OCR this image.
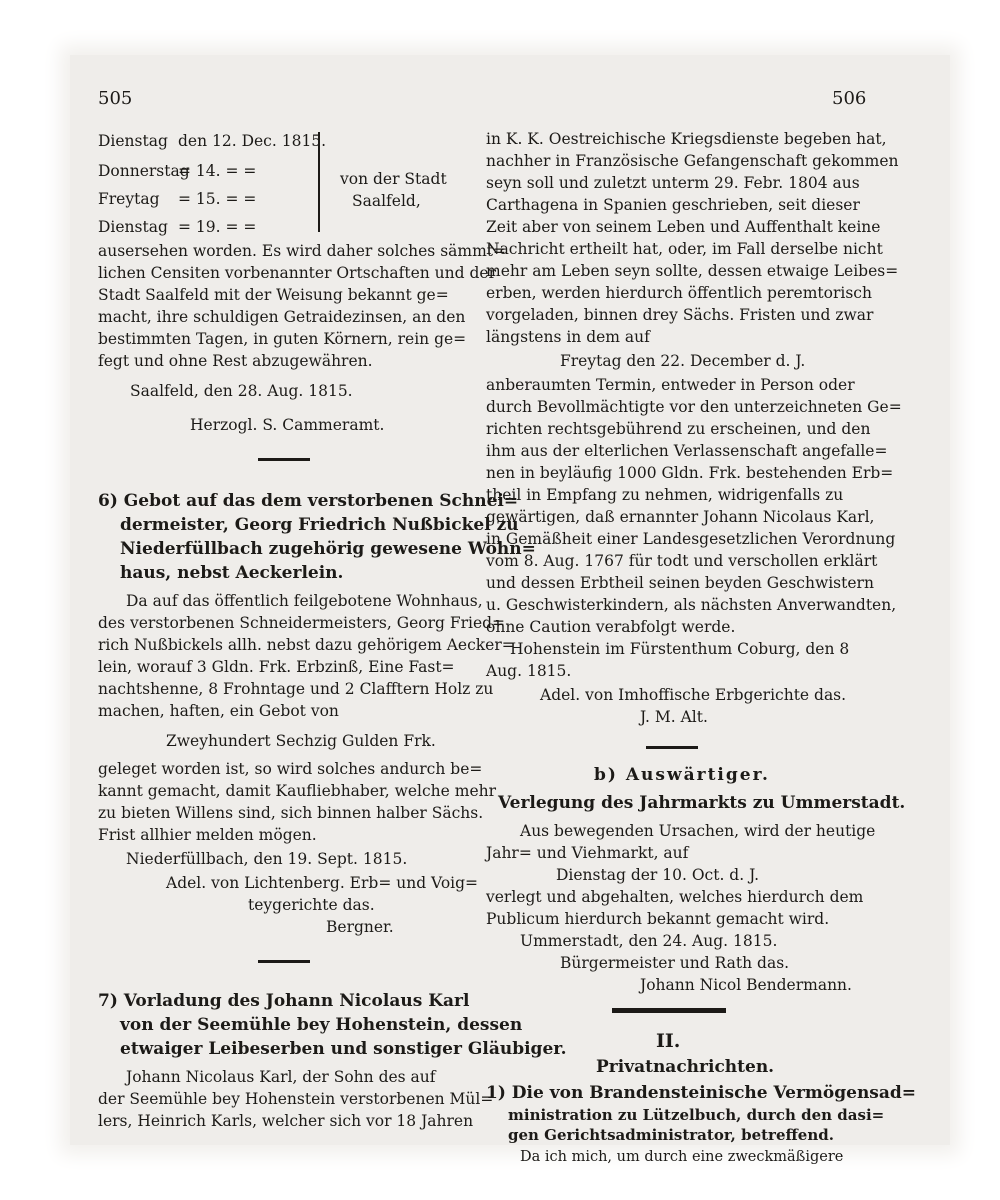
505	506
Dienstag den 12. Dec. 1815.
Donnerstag
= 14. = =
Freytag = 15. = =
Dienstag = 19. = =
von der Stadt
Saalfeld,
ausersehen worden. Es wird daher solches sämmt=
lichen Censiten vorbenannter Ortschaften und der
Stadt Saalfeld mit der Weisung bekannt ge=
macht, ihre schuldigen Getraidezinsen, an den
bestimmten Tagen, in guten Körnern, rein ge=
fegt und ohne Rest abzugewähren.
Saalfeld, den 28. Aug. 1815.
Herzogl. S. Cammeramt.
6) Gebot auf das dem verstorbenen Schnei=
dermeister, Georg Friedrich Nußbickel zu
Niederfüllbach zugehörig gewesene Wohn=
haus, nebst Aeckerlein.
Da auf das öffentlich feilgebotene Wohnhaus,
des verstorbenen Schneidermeisters, Georg Fried=
rich Nußbickels allh. nebst dazu gehörigem Aecker=
lein, worauf 3 Gldn. Frk. Erbzinß, Eine Fast=
nachtshenne, 8 Frohntage und 2 Clafftern Holz zu
machen, haften, ein Gebot von
Zweyhundert Sechzig Gulden Frk.
geleget worden ist, so wird solches andurch be=
kannt gemacht, damit Kaufliebhaber, welche mehr
zu bieten Willens sind, sich binnen halber Sächs.
Frist allhier melden mögen.
Niederfüllbach, den 19. Sept. 1815.
Adel. von Lichtenberg. Erb= und Voig=
teygerichte das.
Bergner.
7) Vorladung des Johann Nicolaus Karl
von der Seemühle bey Hohenstein, dessen
etwaiger Leibeserben und sonstiger Gläubiger.
Johann Nicolaus Karl, der Sohn des auf
der Seemühle bey Hohenstein verstorbenen Mül=
lers, Heinrich Karls, welcher sich vor 18 Jahren
in K. K. Oestreichische Kriegsdienste begeben hat,
nachher in Französische Gefangenschaft gekommen
seyn soll und zuletzt unterm 29. Febr. 1804 aus
Carthagena in Spanien geschrieben, seit dieser
Zeit aber von seinem Leben und Auffenthalt keine
Nachricht ertheilt hat, oder, im Fall derselbe nicht
mehr am Leben seyn sollte, dessen etwaige Leibes=
erben, werden hierdurch öffentlich peremtorisch
vorgeladen, binnen drey Sächs. Fristen und zwar
längstens in dem auf
Freytag den 22. December d. J.
anberaumten Termin, entweder in Person oder
durch Bevollmächtigte vor den unterzeichneten Ge=
richten rechtsgebührend zu erscheinen, und den
ihm aus der elterlichen Verlassenschaft angefalle=
nen in beyläufig 1000 Gldn. Frk. bestehenden Erb=
theil in Empfang zu nehmen, widrigenfalls zu
gewärtigen, daß ernannter Johann Nicolaus Karl,
in Gemäßheit einer Landesgesetzlichen Verordnung
vom 8. Aug. 1767 für todt und verschollen erklärt
und dessen Erbtheil seinen beyden Geschwistern
u. Geschwisterkindern, als nächsten Anverwandten,
ohne Caution verabfolgt werde.
Hohenstein im Fürstenthum Coburg, den 8
Aug. 1815.
Adel. von Imhoffische Erbgerichte das.
J. M. Alt.
b) Auswärtiger.
Verlegung des Jahrmarkts zu Ummerstadt.
Aus bewegenden Ursachen, wird der heutige
Jahr= und Viehmarkt, auf
Dienstag der 10. Oct. d. J.
verlegt und abgehalten, welches hierdurch dem
Publicum hierdurch bekannt gemacht wird.
Ummerstadt, den 24. Aug. 1815.
Bürgermeister und Rath das.
Johann Nicol Bendermann.
II.
Privatnachrichten.
1) Die von Brandensteinische Vermögensad=
ministration zu Lützelbuch, durch den dasi=
gen Gerichtsadministrator, betreffend.
Da ich mich, um durch eine zweckmäßigere
